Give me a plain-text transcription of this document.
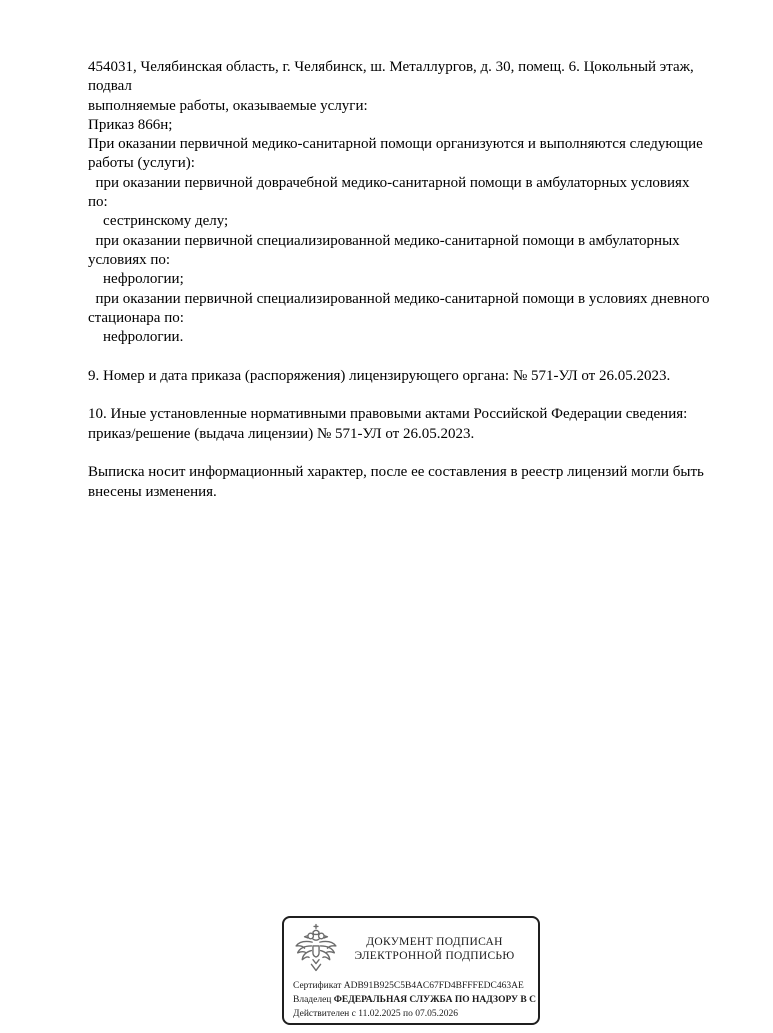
454031, Челябинская область, г. Челябинск, ш. Металлургов, д. 30, помещ. 6. Цокольный этаж,
подвал
выполняемые работы, оказываемые услуги:
Приказ 866н;
При оказании первичной медико-санитарной помощи организуются и выполняются следующие
работы (услуги):
при оказании первичной доврачебной медико-санитарной помощи в амбулаторных условиях
по:
сестринскому делу;
при оказании первичной специализированной медико-санитарной помощи в амбулаторных
условиях по:
нефрологии;
при оказании первичной специализированной медико-санитарной помощи в условиях дневного
стационара по:
нефрологии.
9. Номер и дата приказа (распоряжения) лицензирующего органа: № 571-УЛ от 26.05.2023.
10. Иные установленные нормативными правовыми актами Российской Федерации сведения:
приказ/решение (выдача лицензии) № 571-УЛ от 26.05.2023.
Выписка носит информационный характер, после ее составления в реестр лицензий могли быть
внесены изменения.
ДОКУМЕНТ ПОДПИСАН
ЭЛЕКТРОННОЙ ПОДПИСЬЮ
Сертификат ADB91B925C5B4AC67FD4BFFFEDC463AE
Владелец ФЕДЕРАЛЬНАЯ СЛУЖБА ПО НАДЗОРУ В С
Действителен с 11.02.2025 по 07.05.2026
